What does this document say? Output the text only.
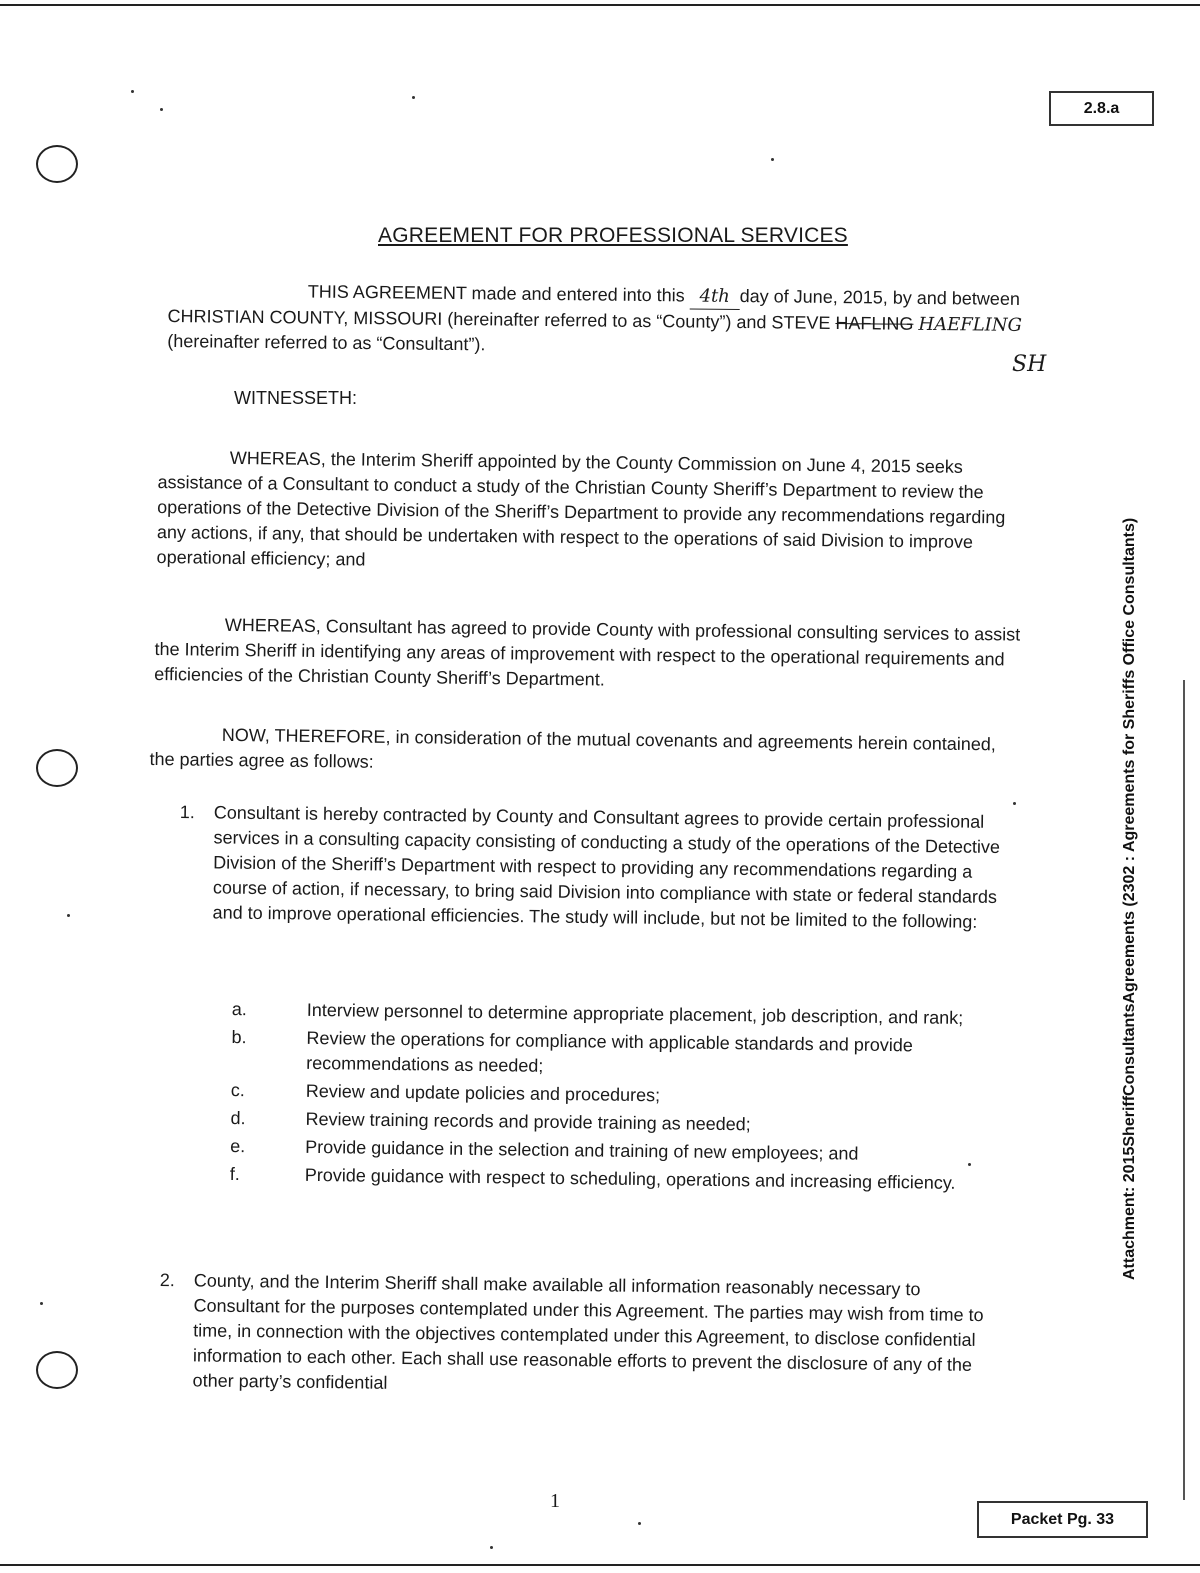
2.8.a
Packet Pg. 33
Attachment: 2015SheriffConsultantsAgreements (2302 : Agreements for Sheriffs Office Consultants)
AGREEMENT FOR PROFESSIONAL SERVICES
THIS AGREEMENT made and entered into this 4th day of June, 2015, by and between CHRISTIAN COUNTY, MISSOURI (hereinafter referred to as “County”) and STEVE HAFLING HAEFLING
(hereinafter referred to as “Consultant”).
SH
WITNESSETH:
WHEREAS, the Interim Sheriff appointed by the County Commission on June 4, 2015 seeks assistance of a Consultant to conduct a study of the Christian County Sheriff’s Department to review the operations of the Detective Division of the Sheriff’s Department to provide any recommendations regarding any actions, if any, that should be undertaken with respect to the operations of said Division to improve operational efficiency; and
WHEREAS, Consultant has agreed to provide County with professional consulting services to assist the Interim Sheriff in identifying any areas of improvement with respect to the operational requirements and efficiencies of the Christian County Sheriff’s Department.
NOW, THEREFORE, in consideration of the mutual covenants and agreements herein contained, the parties agree as follows:
1. Consultant is hereby contracted by County and Consultant agrees to provide certain professional services in a consulting capacity consisting of conducting a study of the operations of the Detective Division of the Sheriff’s Department with respect to providing any recommendations regarding a course of action, if necessary, to bring said Division into compliance with state or federal standards and to improve operational efficiencies. The study will include, but not be limited to the following:
a.	Interview personnel to determine appropriate placement, job description, and rank;
b.	Review the operations for compliance with applicable standards and provide recommendations as needed;
c.	Review and update policies and procedures;
d.	Review training records and provide training as needed;
e.	Provide guidance in the selection and training of new employees; and
f.	Provide guidance with respect to scheduling, operations and increasing efficiency.
2. County, and the Interim Sheriff shall make available all information reasonably necessary to Consultant for the purposes contemplated under this Agreement. The parties may wish from time to time, in connection with the objectives contemplated under this Agreement, to disclose confidential information to each other. Each shall use reasonable efforts to prevent the disclosure of any of the other party’s confidential
1
